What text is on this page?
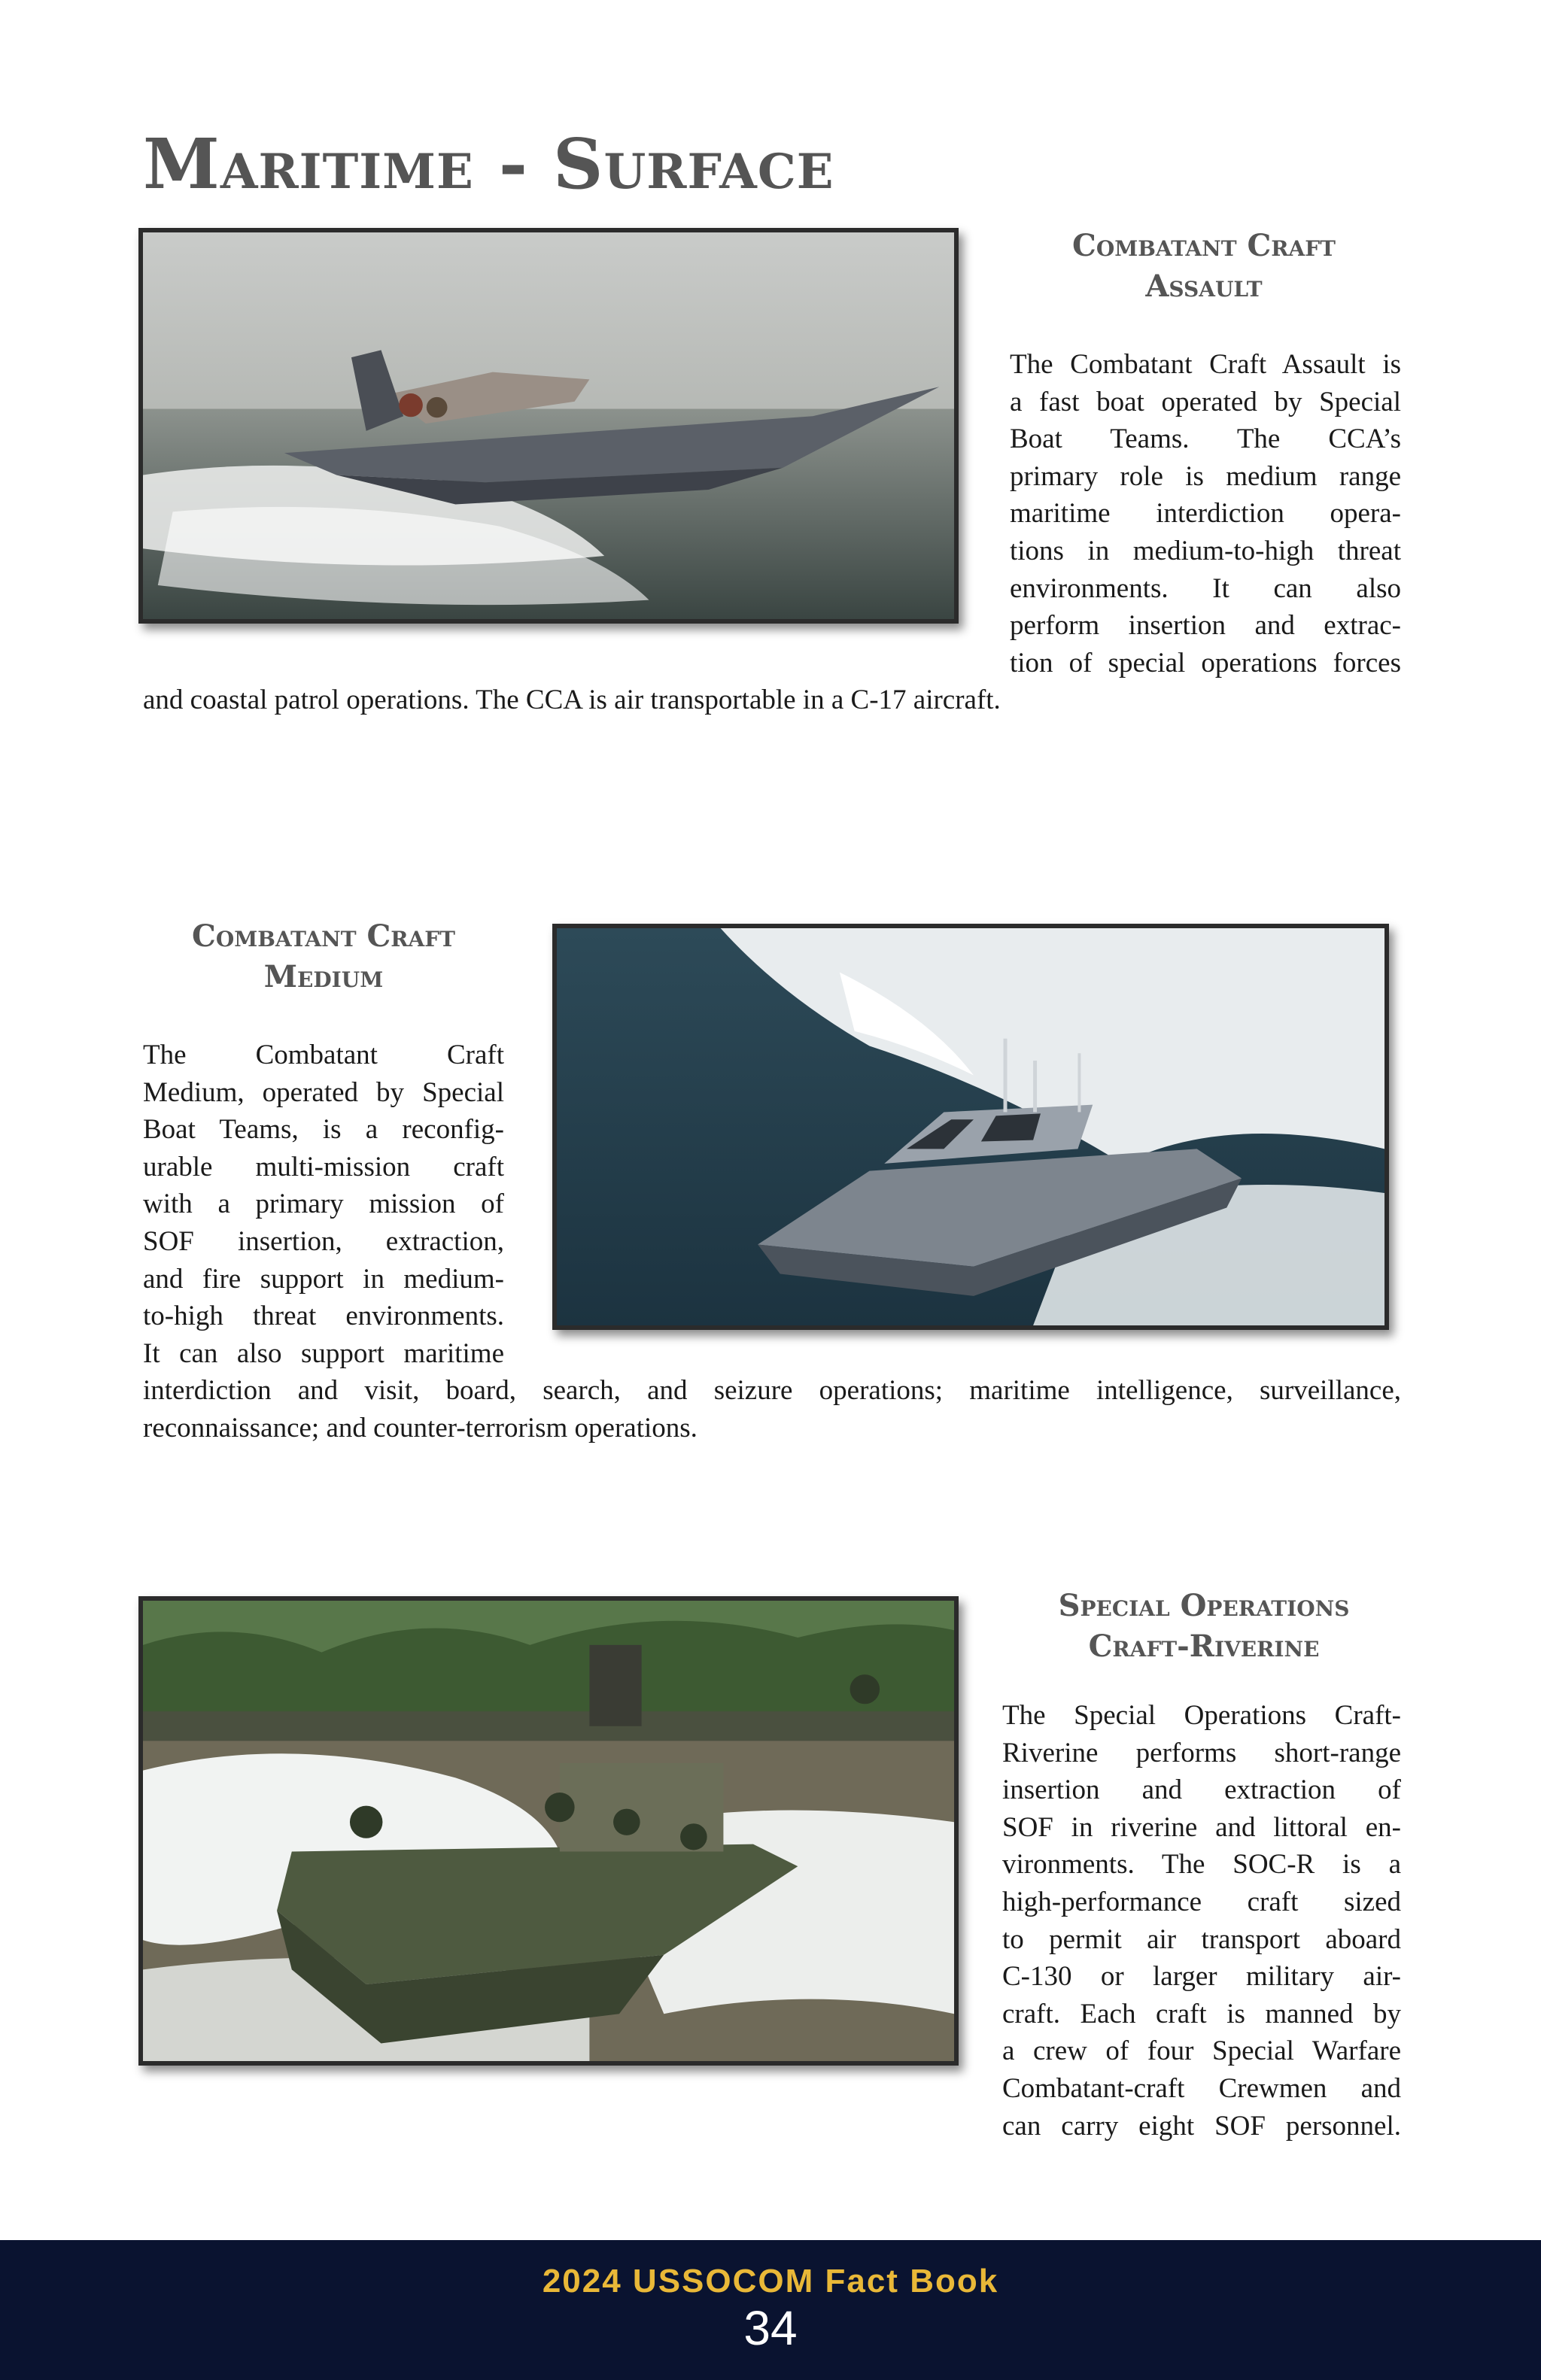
Maritime - Surface
Combatant Craft
Assault
The Combatant Craft Assault is
a fast boat operated by Special
Boat Teams. The CCA’s
primary role is medium range
maritime interdiction opera-
tions in medium-to-high threat
environments. It can also
perform insertion and extrac-
tion of special operations forces
and coastal patrol operations. The CCA is air transportable in a C-17 aircraft.
Combatant Craft
Medium
The Combatant Craft
Medium, operated by Special
Boat Teams, is a reconfig-
urable multi-mission craft
with a primary mission of
SOF insertion, extraction,
and fire support in medium-
to-high threat environments.
It can also support maritime
interdiction and visit, board, search, and seizure operations; maritime intelligence, surveillance,
reconnaissance; and counter-terrorism operations.
Special Operations
Craft-Riverine
The Special Operations Craft-
Riverine performs short-range
insertion and extraction of
SOF in riverine and littoral en-
vironments. The SOC-R is a
high-performance craft sized
to permit air transport aboard
C-130 or larger military air-
craft. Each craft is manned by
a crew of four Special Warfare
Combatant-craft Crewmen and
can carry eight SOF personnel.
2024 USSOCOM Fact Book
34
